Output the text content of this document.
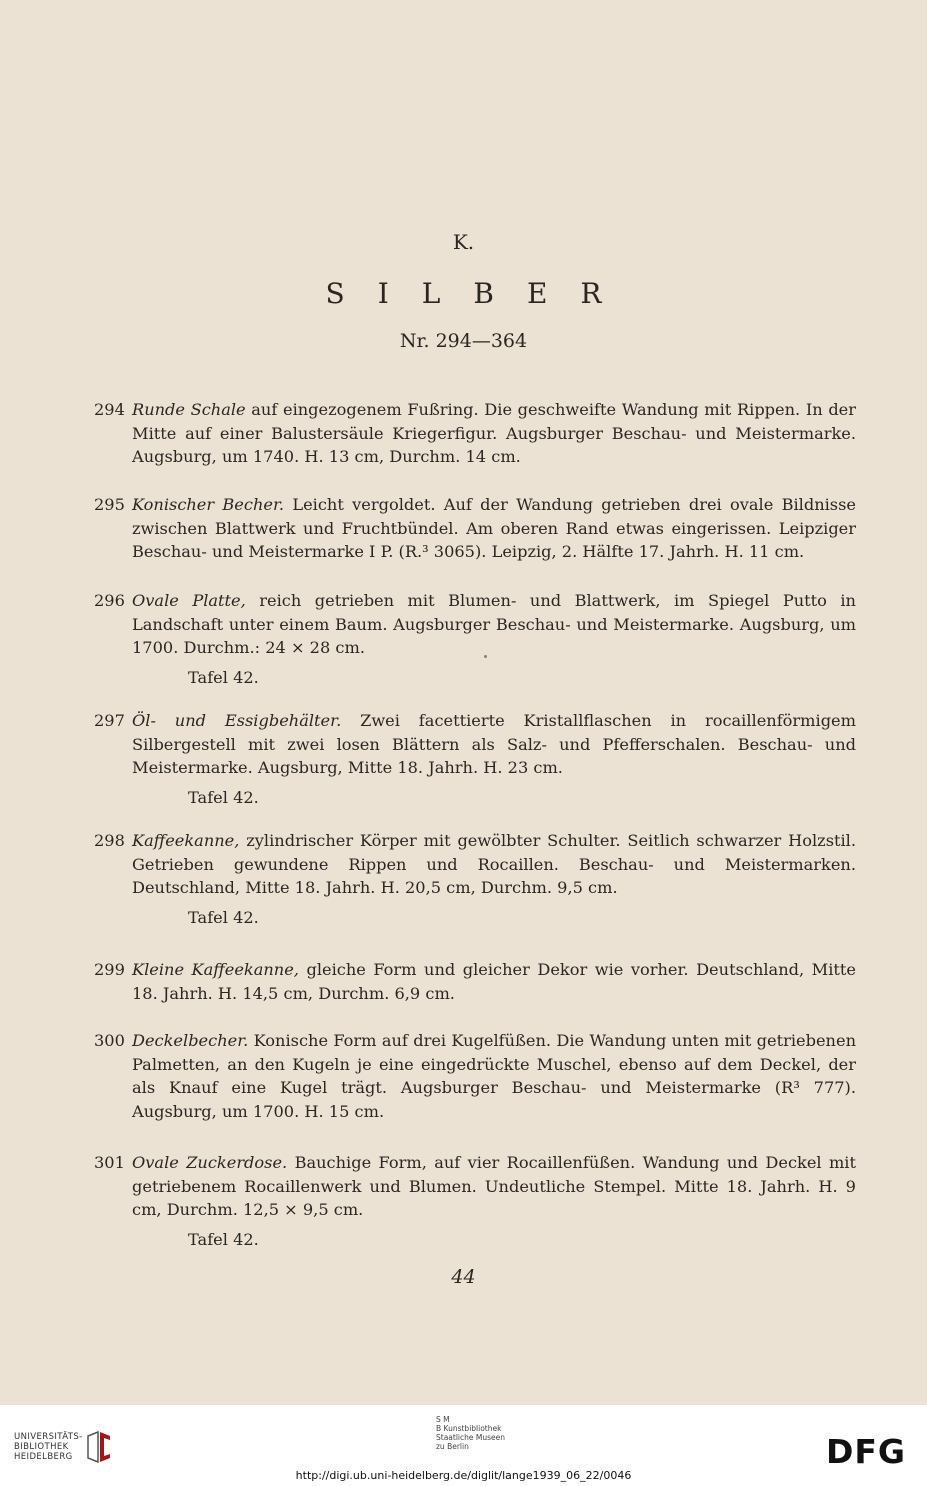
K.
SILBER
Nr. 294—364
294 Runde Schale auf eingezogenem Fußring. Die geschweifte Wandung mit Rippen. In der Mitte auf einer Balustersäule Kriegerfigur. Augsburger Beschau- und Meistermarke. Augsburg, um 1740. H. 13 cm, Durchm. 14 cm.
295 Konischer Becher. Leicht vergoldet. Auf der Wandung getrieben drei ovale Bildnisse zwischen Blattwerk und Fruchtbündel. Am oberen Rand etwas eingerissen. Leipziger Beschau- und Meistermarke I P. (R.³ 3065). Leipzig, 2. Hälfte 17. Jahrh. H. 11 cm.
296 Ovale Platte, reich getrieben mit Blumen- und Blattwerk, im Spiegel Putto in Landschaft unter einem Baum. Augsburger Beschau- und Meistermarke. Augsburg, um 1700. Durchm.: 24 × 28 cm.
Tafel 42.
297 Öl- und Essigbehälter. Zwei facettierte Kristallflaschen in rocaillenförmigem Silbergestell mit zwei losen Blättern als Salz- und Pfefferschalen. Beschau- und Meistermarke. Augsburg, Mitte 18. Jahrh. H. 23 cm.
Tafel 42.
298 Kaffeekanne, zylindrischer Körper mit gewölbter Schulter. Seitlich schwarzer Holzstil. Getrieben gewundene Rippen und Rocaillen. Beschau- und Meistermarken. Deutschland, Mitte 18. Jahrh. H. 20,5 cm, Durchm. 9,5 cm.
Tafel 42.
299 Kleine Kaffeekanne, gleiche Form und gleicher Dekor wie vorher. Deutschland, Mitte 18. Jahrh. H. 14,5 cm, Durchm. 6,9 cm.
300 Deckelbecher. Konische Form auf drei Kugelfüßen. Die Wandung unten mit getriebenen Palmetten, an den Kugeln je eine eingedrückte Muschel, ebenso auf dem Deckel, der als Knauf eine Kugel trägt. Augsburger Beschau- und Meistermarke (R³ 777). Augsburg, um 1700. H. 15 cm.
301 Ovale Zuckerdose. Bauchige Form, auf vier Rocaillenfüßen. Wandung und Deckel mit getriebenem Rocaillenwerk und Blumen. Undeutliche Stempel. Mitte 18. Jahrh. H. 9 cm, Durchm. 12,5 × 9,5 cm.
Tafel 42.
44
UNIVERSITÄTS-
BIBLIOTHEK
HEIDELBERG
S M
B Kunstbibliothek
Staatliche Museen
zu Berlin	DFG
http://digi.ub.uni-heidelberg.de/diglit/lange1939_06_22/0046
